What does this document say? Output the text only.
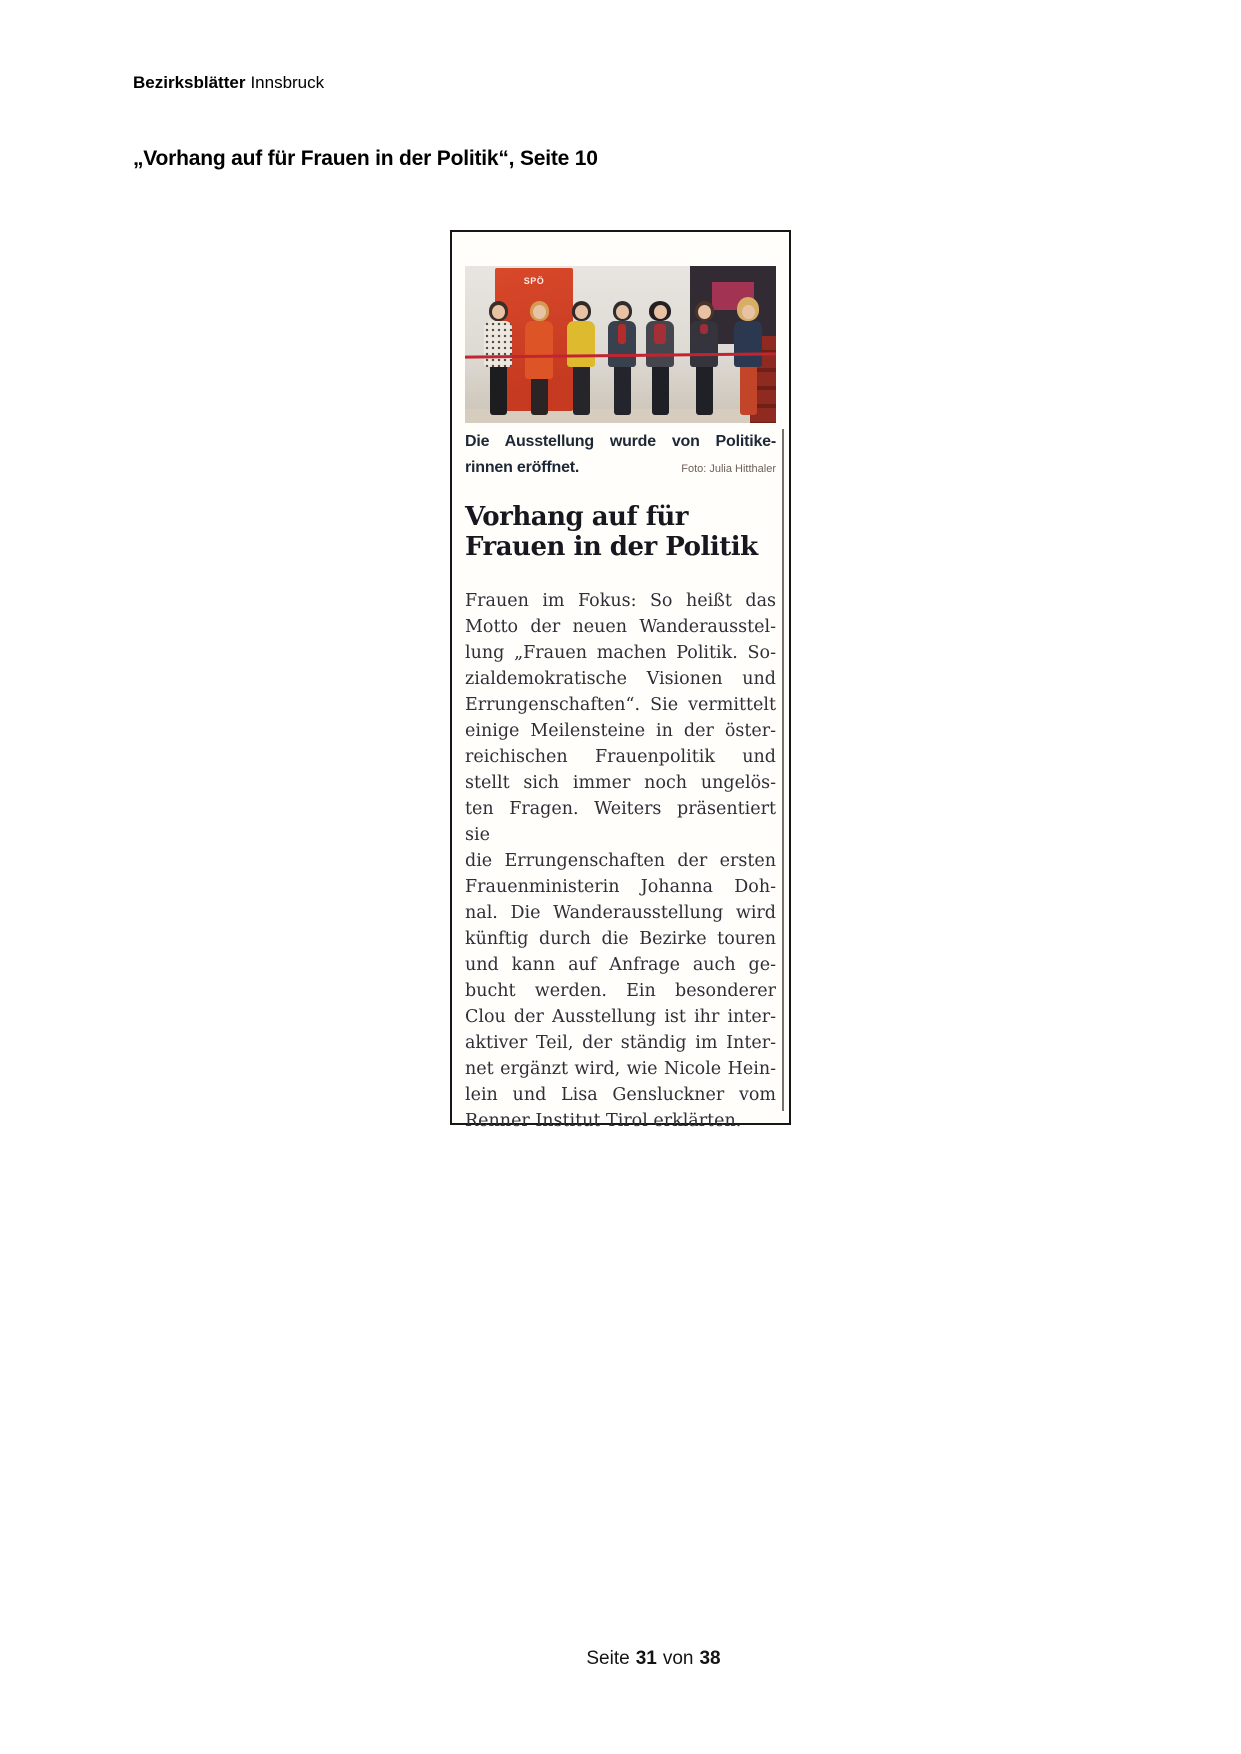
Bezirksblätter Innsbruck
„Vorhang auf für Frauen in der Politik“, Seite 10
SPÖ
Die Ausstellung wurde von Politike-
rinnen eröffnet.	Foto: Julia Hitthaler
Vorhang auf für
Frauen in der Politik
Frauen im Fokus: So heißt das
Motto der neuen Wanderausstel-
lung „Frauen machen Politik. So-
zialdemokratische Visionen und
Errungenschaften“. Sie vermittelt
einige Meilensteine in der öster-
reichischen Frauenpolitik und
stellt sich immer noch ungelös-
ten Fragen. Weiters präsentiert sie
die Errungenschaften der ersten
Frauenministerin Johanna Doh-
nal. Die Wanderausstellung wird
künftig durch die Bezirke touren
und kann auf Anfrage auch ge-
bucht werden. Ein besonderer
Clou der Ausstellung ist ihr inter-
aktiver Teil, der ständig im Inter-
net ergänzt wird, wie Nicole Hein-
lein und Lisa Gensluckner vom
Renner Institut Tirol erklärten.
Seite 31 von 38
